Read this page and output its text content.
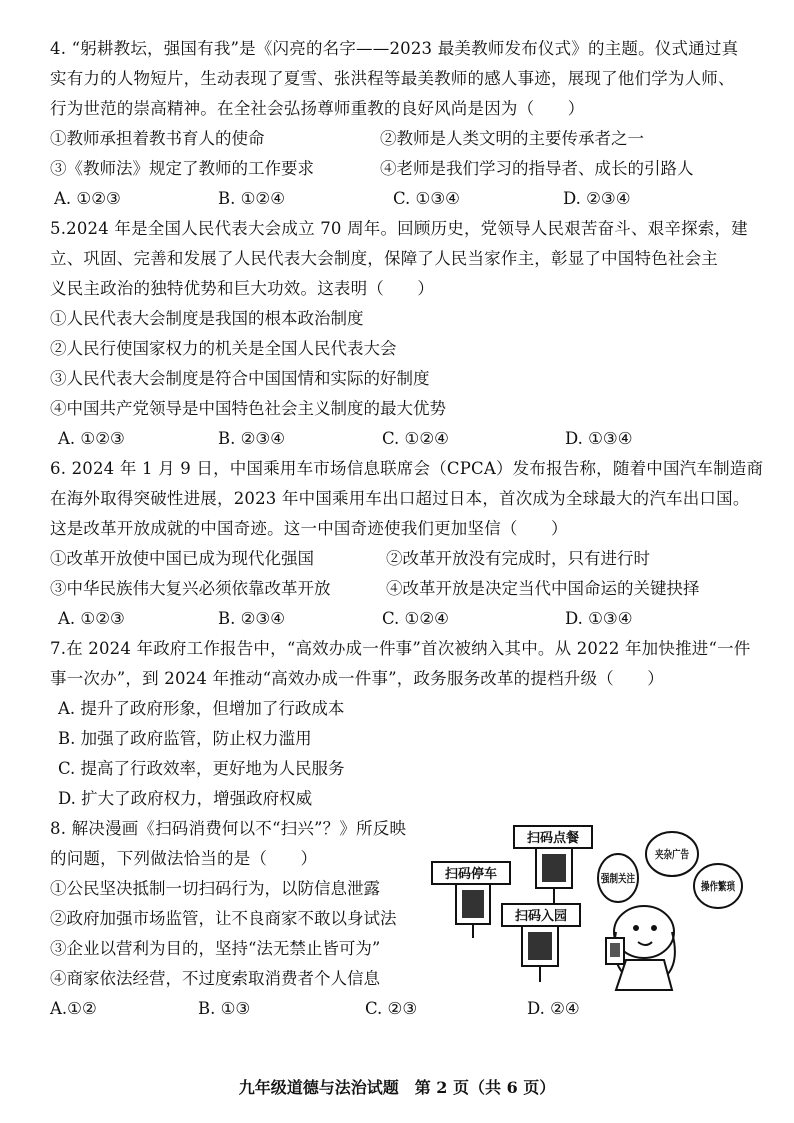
4. “躬耕教坛，强国有我”是《闪亮的名字——2023 最美教师发布仪式》的主题。仪式通过真
实有力的人物短片，生动表现了夏雪、张洪程等最美教师的感人事迹，展现了他们学为人师、
行为世范的崇高精神。在全社会弘扬尊师重教的良好风尚是因为（　　）
①教师承担着教书育人的使命	②教师是人类文明的主要传承者之一
③《教师法》规定了教师的工作要求	④老师是我们学习的指导者、成长的引路人
A. ①②③	B. ①②④	C. ①③④	D. ②③④
5.2024 年是全国人民代表大会成立 70 周年。回顾历史，党领导人民艰苦奋斗、艰辛探索，建
立、巩固、完善和发展了人民代表大会制度，保障了人民当家作主，彰显了中国特色社会主
义民主政治的独特优势和巨大功效。这表明（　　）
①人民代表大会制度是我国的根本政治制度
②人民行使国家权力的机关是全国人民代表大会
③人民代表大会制度是符合中国国情和实际的好制度
④中国共产党领导是中国特色社会主义制度的最大优势
A. ①②③	B. ②③④	C. ①②④	D. ①③④
6. 2024 年 1 月 9 日，中国乘用车市场信息联席会（CPCA）发布报告称，随着中国汽车制造商
在海外取得突破性进展，2023 年中国乘用车出口超过日本，首次成为全球最大的汽车出口国。
这是改革开放成就的中国奇迹。这一中国奇迹使我们更加坚信（　　）
①改革开放使中国已成为现代化强国	②改革开放没有完成时，只有进行时
③中华民族伟大复兴必须依靠改革开放	④改革开放是决定当代中国命运的关键抉择
A. ①②③	B. ②③④	C. ①②④	D. ①③④
7.在 2024 年政府工作报告中，“高效办成一件事”首次被纳入其中。从 2022 年加快推进“一件
事一次办”，到 2024 年推动“高效办成一件事”，政务服务改革的提档升级（　　）
A. 提升了政府形象，但增加了行政成本
B. 加强了政府监管，防止权力滥用
C. 提高了行政效率，更好地为人民服务
D. 扩大了政府权力，增强政府权威
8. 解决漫画《扫码消费何以不“扫兴”？》所反映
的问题，下列做法恰当的是（　　）
①公民坚决抵制一切扫码行为，以防信息泄露
②政府加强市场监管，让不良商家不敢以身试法
③企业以营利为目的，坚持“法无禁止皆可为”
④商家依法经营，不过度索取消费者个人信息
A.①②	B. ①③	C. ②③	D. ②④
扫码停车
扫码点餐
扫码入园
强制关注
夹杂广告
操作繁琐
九年级道德与法治试题　第 2 页（共 6 页）
